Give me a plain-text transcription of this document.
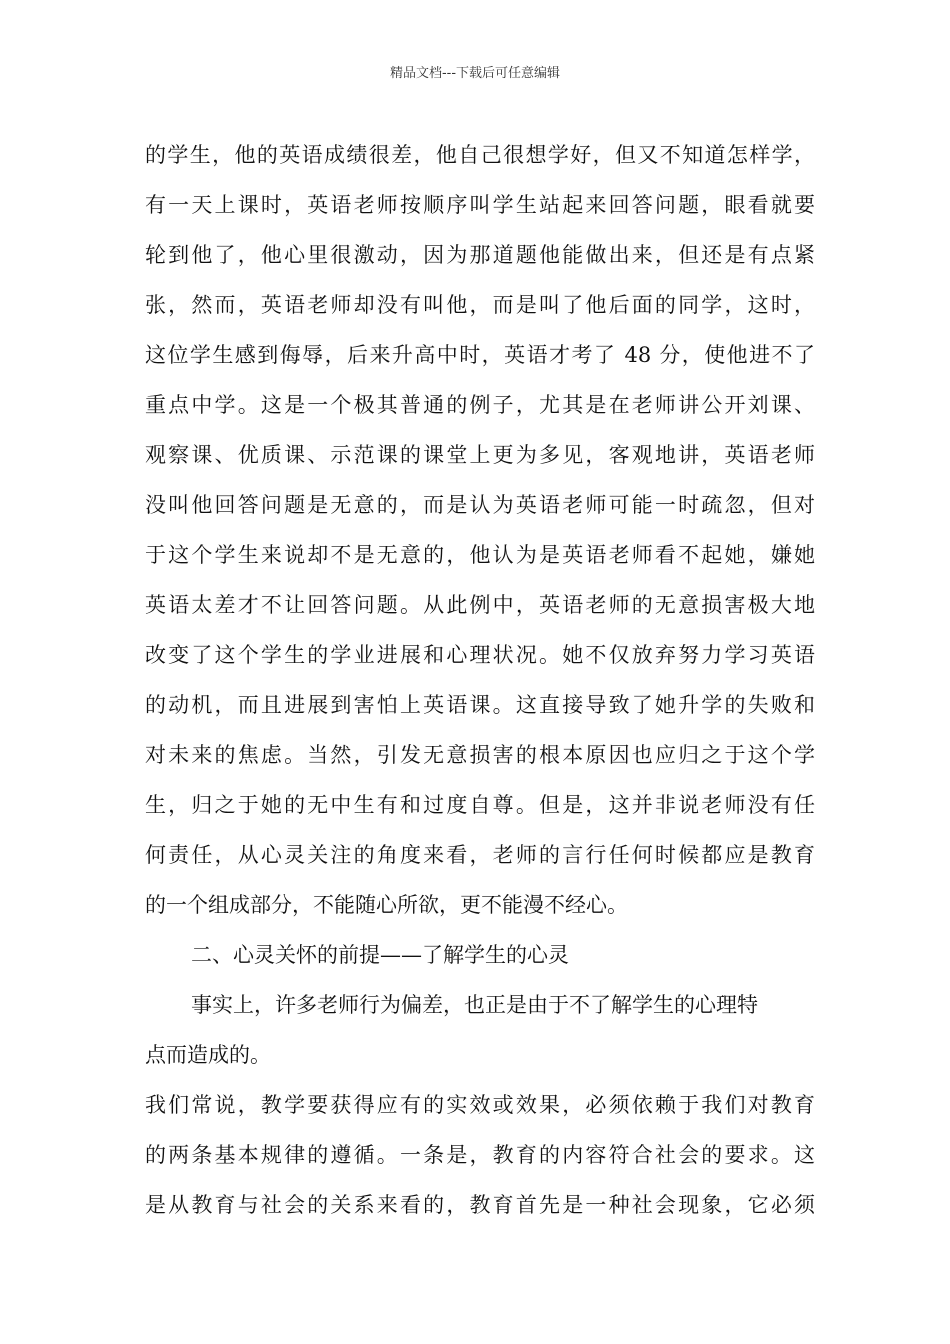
精品文档---下载后可任意编辑
的学生，他的英语成绩很差，他自己很想学好，但又不知道怎样学，
有一天上课时，英语老师按顺序叫学生站起来回答问题，眼看就要
轮到他了，他心里很激动，因为那道题他能做出来，但还是有点紧
张，然而，英语老师却没有叫他，而是叫了他后面的同学，这时，
这位学生感到侮辱，后来升高中时，英语才考了 48 分，使他进不了
重点中学。这是一个极其普通的例子，尤其是在老师讲公开刘课、
观察课、优质课、示范课的课堂上更为多见，客观地讲，英语老师
没叫他回答问题是无意的，而是认为英语老师可能一时疏忽，但对
于这个学生来说却不是无意的，他认为是英语老师看不起她，嫌她
英语太差才不让回答问题。从此例中，英语老师的无意损害极大地
改变了这个学生的学业进展和心理状况。她不仅放弃努力学习英语
的动机，而且进展到害怕上英语课。这直接导致了她升学的失败和
对未来的焦虑。当然，引发无意损害的根本原因也应归之于这个学
生，归之于她的无中生有和过度自尊。但是，这并非说老师没有任
何责任，从心灵关注的角度来看，老师的言行任何时候都应是教育
的一个组成部分，不能随心所欲，更不能漫不经心。
二、心灵关怀的前提——了解学生的心灵
事实上，许多老师行为偏差，也正是由于不了解学生的心理特
点而造成的。
我们常说，教学要获得应有的实效或效果，必须依赖于我们对教育
的两条基本规律的遵循。一条是，教育的内容符合社会的要求。这
是从教育与社会的关系来看的，教育首先是一种社会现象，它必须
